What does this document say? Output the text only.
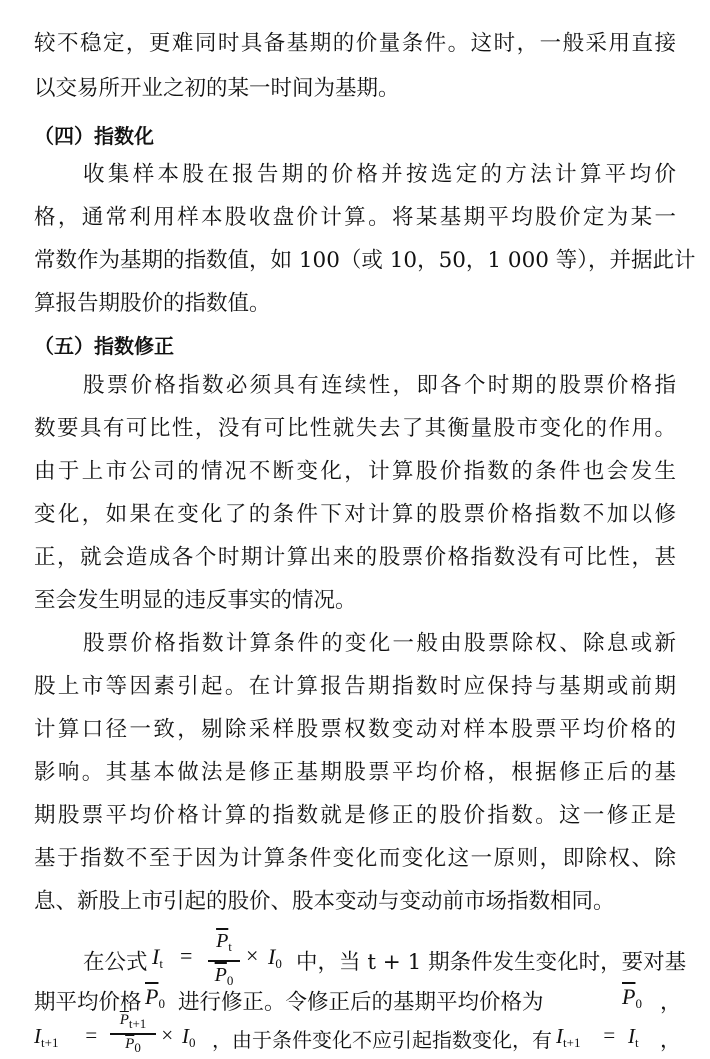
较不稳定，更难同时具备基期的价量条件。这时，一般采用直接
以交易所开业之初的某一时间为基期。
（四）指数化
收集样本股在报告期的价格并按选定的方法计算平均价
格，通常利用样本股收盘价计算。将某基期平均股价定为某一
常数作为基期的指数值，如 100（或 10，50，1 000 等），并据此计
算报告期股价的指数值。
（五）指数修正
股票价格指数必须具有连续性，即各个时期的股票价格指
数要具有可比性，没有可比性就失去了其衡量股市变化的作用。
由于上市公司的情况不断变化，计算股价指数的条件也会发生
变化，如果在变化了的条件下对计算的股票价格指数不加以修
正，就会造成各个时期计算出来的股票价格指数没有可比性，甚
至会发生明显的违反事实的情况。
股票价格指数计算条件的变化一般由股票除权、除息或新
股上市等因素引起。在计算报告期指数时应保持与基期或前期
计算口径一致，剔除采样股票权数变动对样本股票平均价格的
影响。其基本做法是修正基期股票平均价格，根据修正后的基
期股票平均价格计算的指数就是修正的股价指数。这一修正是
基于指数不至于因为计算条件变化而变化这一原则，即除权、除
息、新股上市引起的股价、股本变动与变动前市场指数相同。
在公式 $I_t$ =
$\overline{P}_t$
$\overline{P}_0$
× $I_0$ 中，当 t + 1 期条件发生变化时，要对基
期平均价格 $\overline{P}_0$ 进行修正。令修正后的基期平均价格为	$\overline{P}_0$ ，
$I_{t+1}$ =
$\overline{P}t+1$
$\overline{P}0 \times I_0$ ，由于条件变化不应引起指数变化，有 $I_{t+1} = I_t$ ，
